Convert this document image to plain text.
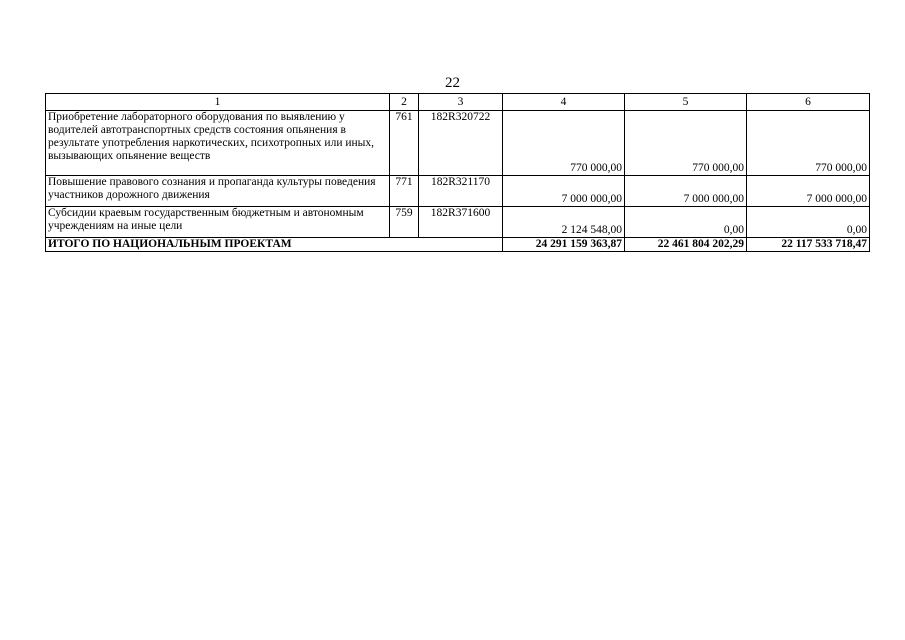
22
1	2	3	4	5	6
Приобретение лабораторного оборудования по выявлению у водителей автотранспортных средств состояния опьянения в результате употребления наркотических, психотропных или иных, вызывающих опьянение веществ	761	182R320722	770 000,00	770 000,00	770 000,00
Повышение правового сознания и пропаганда культуры поведения участников дорожного движения	771	182R321170	7 000 000,00	7 000 000,00	7 000 000,00
Субсидии краевым государственным бюджетным и автономным учреждениям на иные цели	759	182R371600	2 124 548,00	0,00	0,00
ИТОГО ПО НАЦИОНАЛЬНЫМ ПРОЕКТАМ			24 291 159 363,87	22 461 804 202,29	22 117 533 718,47
